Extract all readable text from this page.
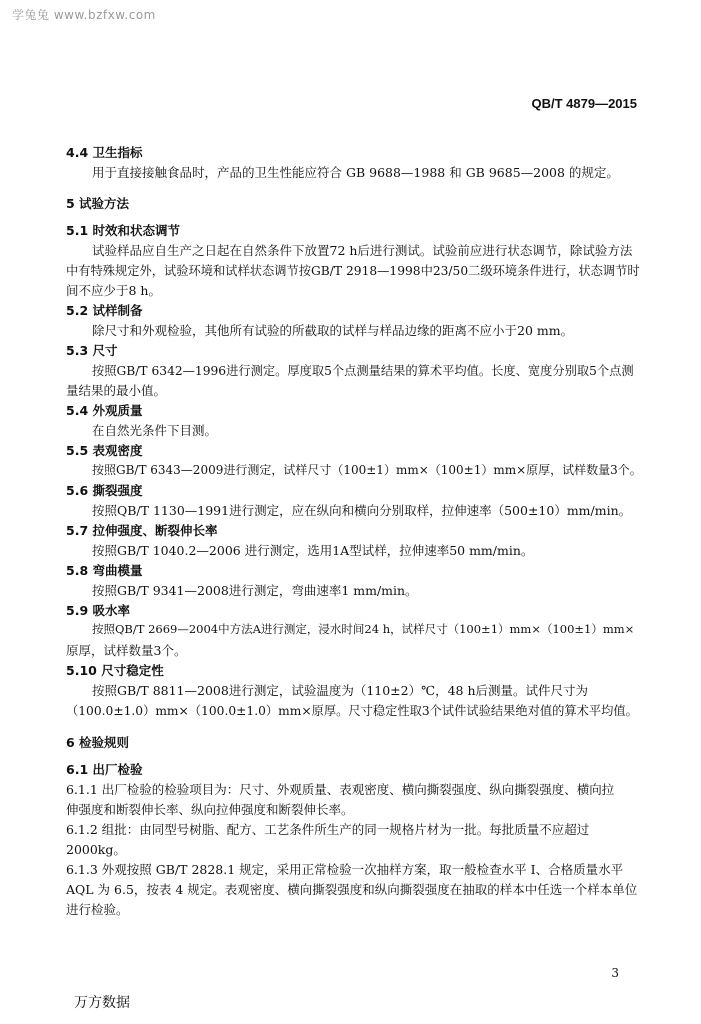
学兔兔 www.bzfxw.com
QB/T 4879—2015
4.4 卫生指标
用于直接接触食品时，产品的卫生性能应符合 GB 9688—1988 和 GB 9685—2008 的规定。
5 试验方法
5.1 时效和状态调节
试验样品应自生产之日起在自然条件下放置72 h后进行测试。试验前应进行状态调节，除试验方法
中有特殊规定外，试验环境和试样状态调节按GB/T 2918—1998中23/50二级环境条件进行，状态调节时
间不应少于8 h。
5.2 试样制备
除尺寸和外观检验，其他所有试验的所截取的试样与样品边缘的距离不应小于20 mm。
5.3 尺寸
按照GB/T 6342—1996进行测定。厚度取5个点测量结果的算术平均值。长度、宽度分别取5个点测
量结果的最小值。
5.4 外观质量
在自然光条件下目测。
5.5 表观密度
按照GB/T 6343—2009进行测定，试样尺寸（100±1）mm×（100±1）mm×原厚，试样数量3个。
5.6 撕裂强度
按照QB/T 1130—1991进行测定，应在纵向和横向分别取样，拉伸速率（500±10）mm/min。
5.7 拉伸强度、断裂伸长率
按照GB/T 1040.2—2006 进行测定，选用1A型试样，拉伸速率50 mm/min。
5.8 弯曲模量
按照GB/T 9341—2008进行测定，弯曲速率1 mm/min。
5.9 吸水率
按照QB/T 2669—2004中方法A进行测定，浸水时间24 h，试样尺寸（100±1）mm×（100±1）mm×
原厚，试样数量3个。
5.10 尺寸稳定性
按照GB/T 8811—2008进行测定，试验温度为（110±2）℃，48 h后测量。试件尺寸为
（100.0±1.0）mm×（100.0±1.0）mm×原厚。尺寸稳定性取3个试件试验结果绝对值的算术平均值。
6 检验规则
6.1 出厂检验
6.1.1 出厂检验的检验项目为：尺寸、外观质量、表观密度、横向撕裂强度、纵向撕裂强度、横向拉
伸强度和断裂伸长率、纵向拉伸强度和断裂伸长率。
6.1.2 组批：由同型号树脂、配方、工艺条件所生产的同一规格片材为一批。每批质量不应超过
2000kg。
6.1.3 外观按照 GB/T 2828.1 规定，采用正常检验一次抽样方案，取一般检查水平 I、合格质量水平
AQL 为 6.5，按表 4 规定。表观密度、横向撕裂强度和纵向撕裂强度在抽取的样本中任选一个样本单位
进行检验。
3
万方数据
